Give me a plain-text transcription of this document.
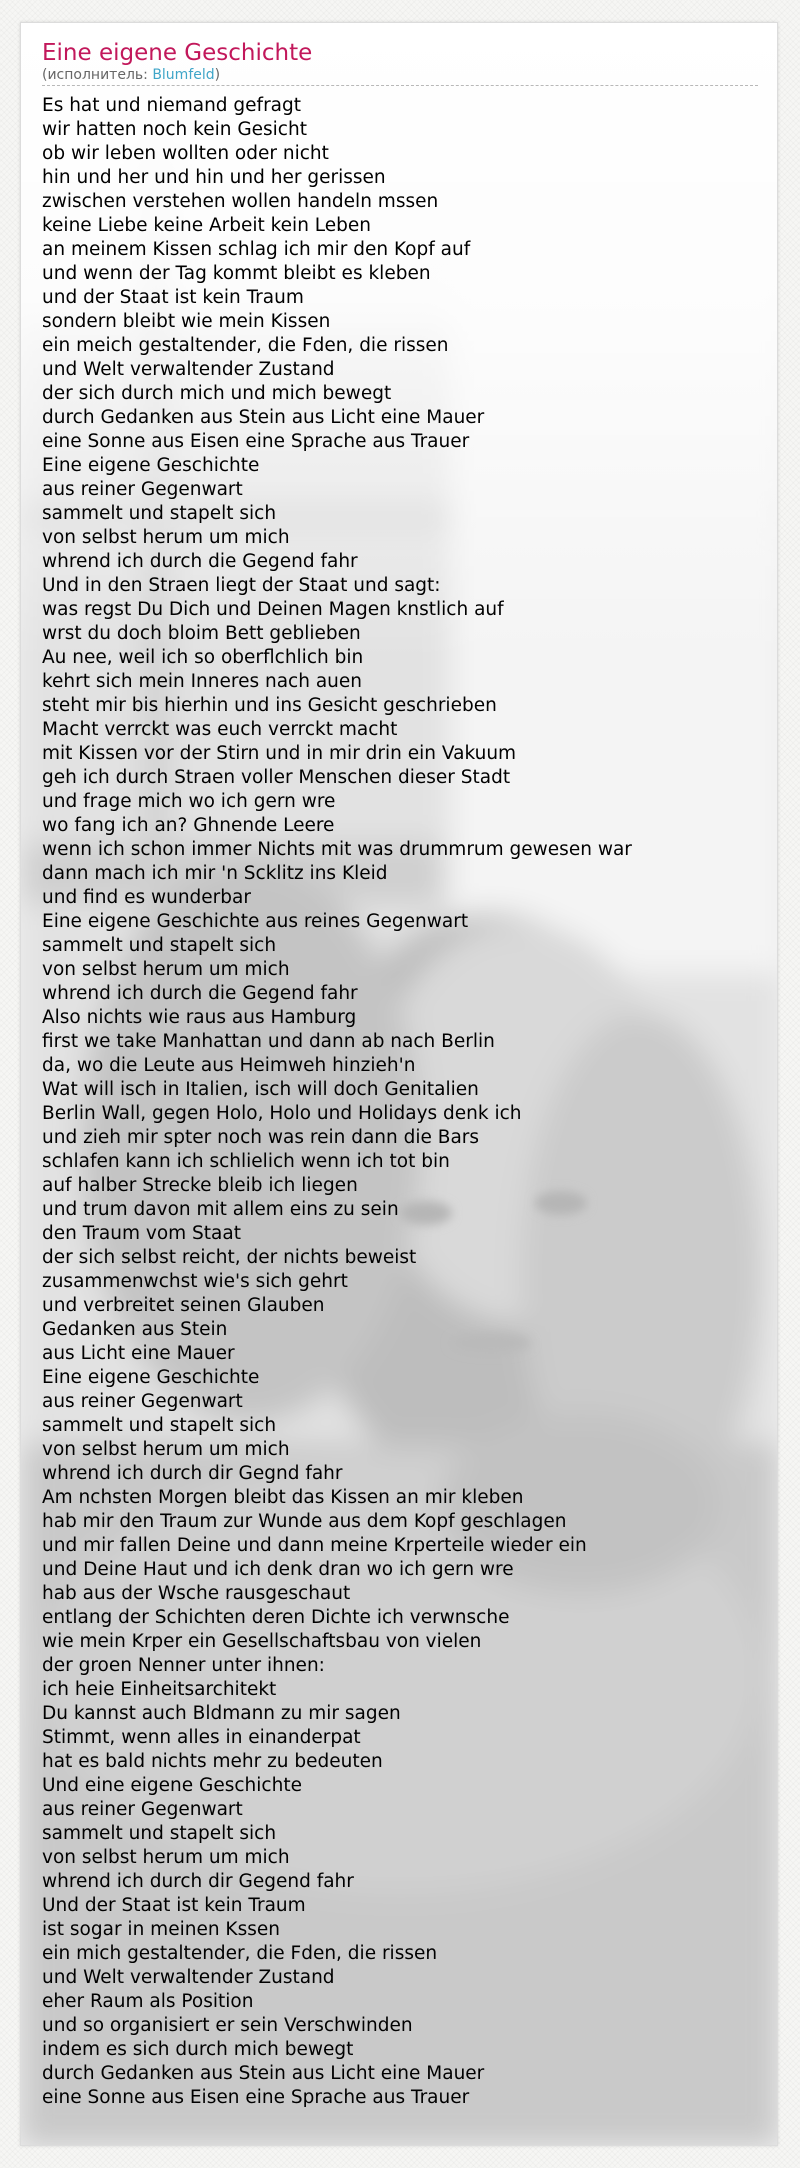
Eine eigene Geschichte
(исполнитель: Blumfeld)
Es hat und niemand gefragt
wir hatten noch kein Gesicht
ob wir leben wollten oder nicht
hin und her und hin und her gerissen
zwischen verstehen wollen handeln mssen
keine Liebe keine Arbeit kein Leben
an meinem Kissen schlag ich mir den Kopf auf
und wenn der Tag kommt bleibt es kleben
und der Staat ist kein Traum
sondern bleibt wie mein Kissen
ein meich gestaltender, die Fden, die rissen
und Welt verwaltender Zustand
der sich durch mich und mich bewegt
durch Gedanken aus Stein aus Licht eine Mauer
eine Sonne aus Eisen eine Sprache aus Trauer
Eine eigene Geschichte
aus reiner Gegenwart
sammelt und stapelt sich
von selbst herum um mich
whrend ich durch die Gegend fahr
Und in den Straen liegt der Staat und sagt:
was regst Du Dich und Deinen Magen knstlich auf
wrst du doch bloim Bett geblieben
Au nee, weil ich so oberflchlich bin
kehrt sich mein Inneres nach auen
steht mir bis hierhin und ins Gesicht geschrieben
Macht verrckt was euch verrckt macht
mit Kissen vor der Stirn und in mir drin ein Vakuum
geh ich durch Straen voller Menschen dieser Stadt
und frage mich wo ich gern wre
wo fang ich an? Ghnende Leere
wenn ich schon immer Nichts mit was drummrum gewesen war
dann mach ich mir 'n Scklitz ins Kleid
und find es wunderbar
Eine eigene Geschichte aus reines Gegenwart
sammelt und stapelt sich
von selbst herum um mich
whrend ich durch die Gegend fahr
Also nichts wie raus aus Hamburg
first we take Manhattan und dann ab nach Berlin
da, wo die Leute aus Heimweh hinzieh'n
Wat will isch in Italien, isch will doch Genitalien
Berlin Wall, gegen Holo, Holo und Holidays denk ich
und zieh mir spter noch was rein dann die Bars
schlafen kann ich schlielich wenn ich tot bin
auf halber Strecke bleib ich liegen
und trum davon mit allem eins zu sein
den Traum vom Staat
der sich selbst reicht, der nichts beweist
zusammenwchst wie's sich gehrt
und verbreitet seinen Glauben
Gedanken aus Stein
aus Licht eine Mauer
Eine eigene Geschichte
aus reiner Gegenwart
sammelt und stapelt sich
von selbst herum um mich
whrend ich durch dir Gegnd fahr
Am nchsten Morgen bleibt das Kissen an mir kleben
hab mir den Traum zur Wunde aus dem Kopf geschlagen
und mir fallen Deine und dann meine Krperteile wieder ein
und Deine Haut und ich denk dran wo ich gern wre
hab aus der Wsche rausgeschaut
entlang der Schichten deren Dichte ich verwnsche
wie mein Krper ein Gesellschaftsbau von vielen
der groen Nenner unter ihnen:
ich heie Einheitsarchitekt
Du kannst auch Bldmann zu mir sagen
Stimmt, wenn alles in einanderpat
hat es bald nichts mehr zu bedeuten
Und eine eigene Geschichte
aus reiner Gegenwart
sammelt und stapelt sich
von selbst herum um mich
whrend ich durch dir Gegend fahr
Und der Staat ist kein Traum
ist sogar in meinen Kssen
ein mich gestaltender, die Fden, die rissen
und Welt verwaltender Zustand
eher Raum als Position
und so organisiert er sein Verschwinden
indem es sich durch mich bewegt
durch Gedanken aus Stein aus Licht eine Mauer
eine Sonne aus Eisen eine Sprache aus Trauer
